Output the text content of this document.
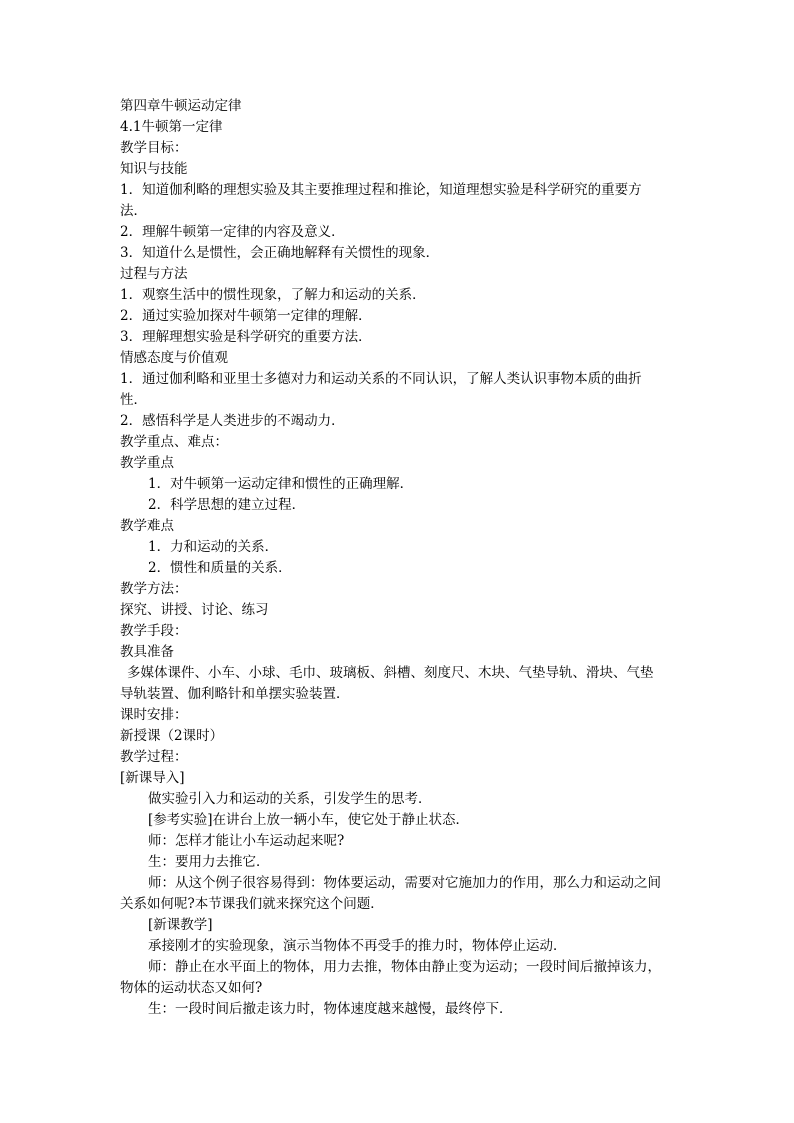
第四章牛顿运动定律
4.1牛顿第一定律
教学目标：
知识与技能
1．知道伽利略的理想实验及其主要推理过程和推论，知道理想实验是科学研究的重要方
法．
2．理解牛顿第一定律的内容及意义．
3．知道什么是惯性，会正确地解释有关惯性的现象．
过程与方法
1．观察生活中的惯性现象，了解力和运动的关系．
2．通过实验加探对牛顿第一定律的理解．
3．理解理想实验是科学研究的重要方法．
情感态度与价值观
1．通过伽利略和亚里士多德对力和运动关系的不同认识，了解人类认识事物本质的曲折
性．
2．感悟科学是人类进步的不竭动力．
教学重点、难点：
教学重点
1．对牛顿第一运动定律和惯性的正确理解．
2．科学思想的建立过程．
教学难点
1．力和运动的关系．
2．惯性和质量的关系．
教学方法：
探究、讲授、讨论、练习
教学手段：
教具准备
多媒体课件、小车、小球、毛巾、玻璃板、斜槽、刻度尺、木块、气垫导轨、滑块、气垫
导轨装置、伽利略针和单摆实验装置．
课时安排：
新授课（2课时）
教学过程：
[新课导入]
做实验引入力和运动的关系，引发学生的思考．
[参考实验]在讲台上放一辆小车，使它处于静止状态．
师：怎样才能让小车运动起来呢?
生：要用力去推它．
师：从这个例子很容易得到：物体要运动，需要对它施加力的作用，那么力和运动之间
关系如何呢?本节课我们就来探究这个问题．
[新课教学]
承接刚才的实验现象，演示当物体不再受手的推力时，物体停止运动．
师：静止在水平面上的物体，用力去推，物体由静止变为运动；一段时间后撤掉该力，
物体的运动状态又如何?
生：一段时间后撤走该力时，物体速度越来越慢，最终停下．
